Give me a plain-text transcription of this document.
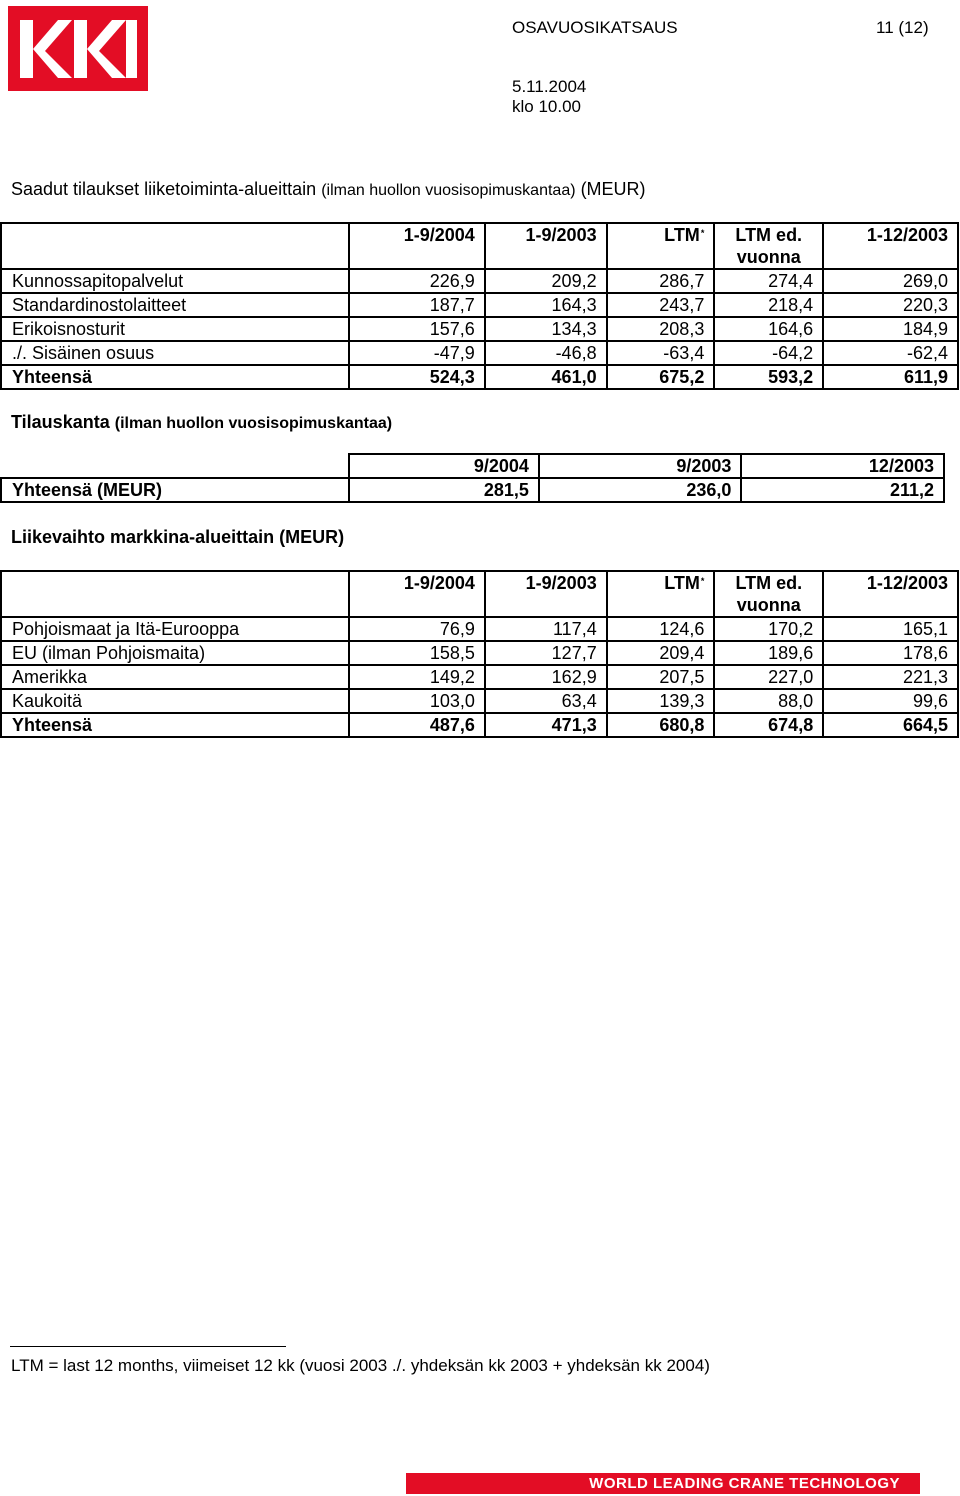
OSAVUOSIKATSAUS	11 (12)
5.11.2004
klo 10.00
Saadut tilaukset liiketoiminta-alueittain (ilman huollon vuosisopimuskantaa) (MEUR)
	1-9/2004	1-9/2003	LTM*	LTM ed. vuonna	1-12/2003
Kunnossapitopalvelut	226,9	209,2	286,7	274,4	269,0
Standardinostolaitteet	187,7	164,3	243,7	218,4	220,3
Erikoisnosturit	157,6	134,3	208,3	164,6	184,9
./. Sisäinen osuus	-47,9	-46,8	-63,4	-64,2	-62,4
Yhteensä	524,3	461,0	675,2	593,2	611,9
Tilauskanta (ilman huollon vuosisopimuskantaa)
	9/2004	9/2003	12/2003
Yhteensä (MEUR)	281,5	236,0	211,2
Liikevaihto markkina-alueittain (MEUR)
	1-9/2004	1-9/2003	LTM*	LTM ed. vuonna	1-12/2003
Pohjoismaat ja Itä-Eurooppa	76,9	117,4	124,6	170,2	165,1
EU (ilman Pohjoismaita)	158,5	127,7	209,4	189,6	178,6
Amerikka	149,2	162,9	207,5	227,0	221,3
Kaukoitä	103,0	63,4	139,3	88,0	99,6
Yhteensä	487,6	471,3	680,8	674,8	664,5
LTM = last 12 months, viimeiset 12 kk (vuosi 2003 ./. yhdeksän kk 2003 + yhdeksän kk 2004)
WORLD LEADING CRANE TECHNOLOGY
